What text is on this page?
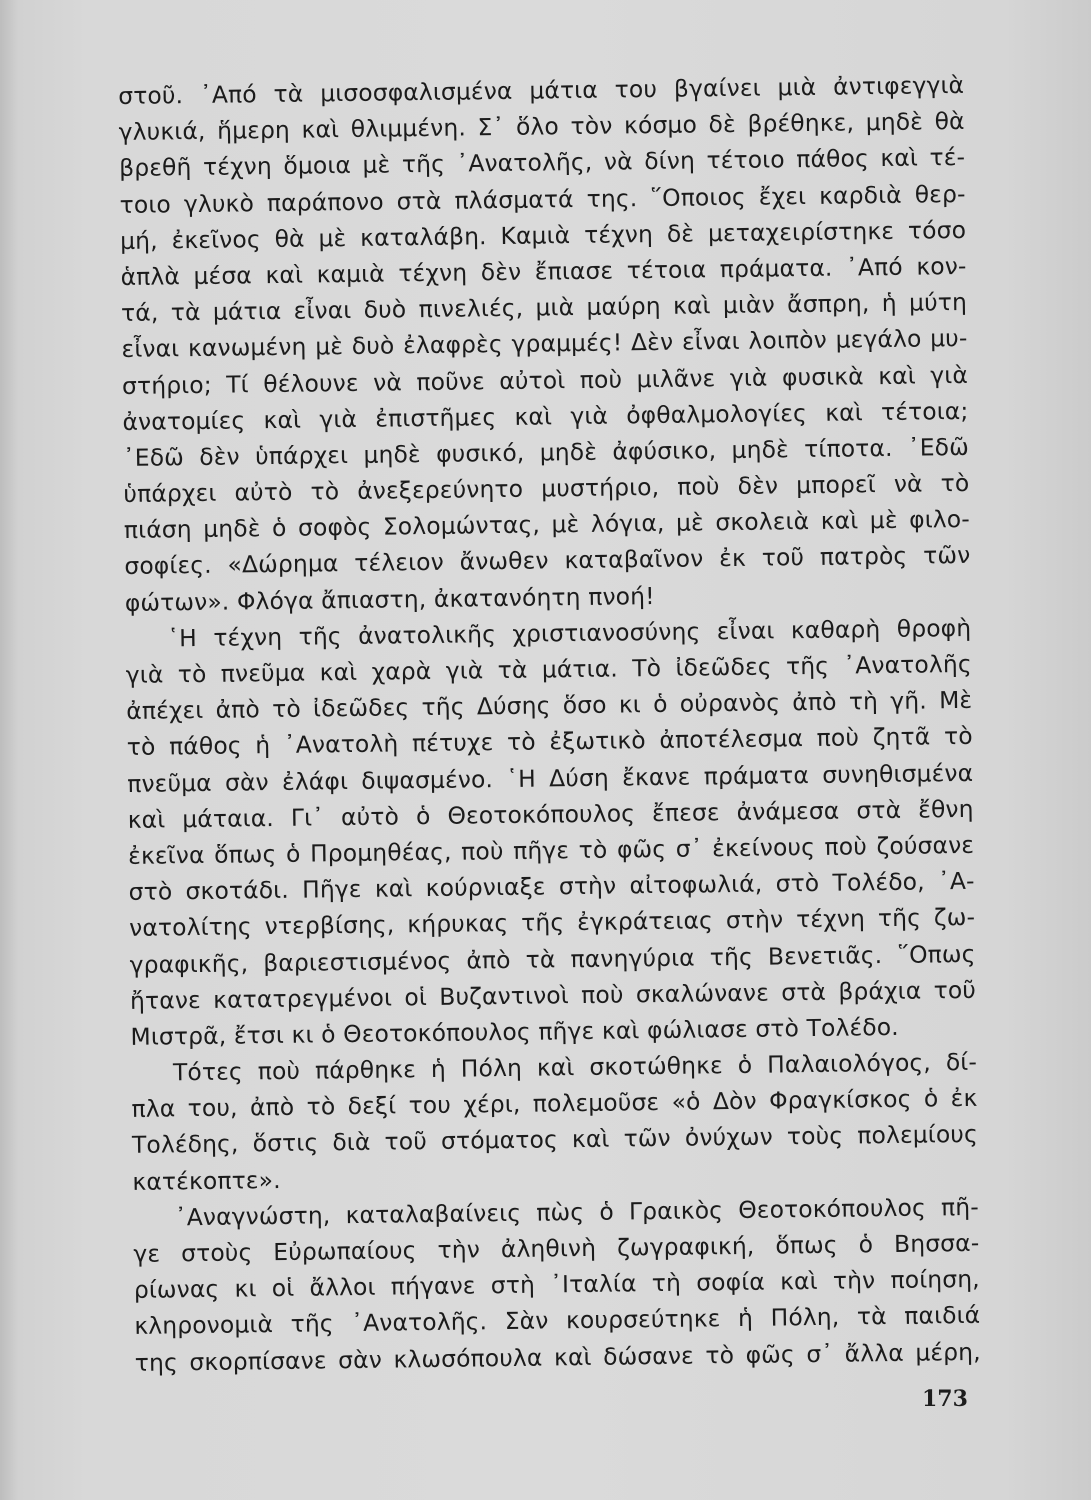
στοῦ. ᾿Από τὰ μισοσφαλισμένα μάτια του βγαίνει μιὰ ἀντιφεγγιὰ
γλυκιά, ἥμερη καὶ θλιμμένη. Σ᾿ ὅλο τὸν κόσμο δὲ βρέθηκε, μηδὲ θὰ
βρεθῆ τέχνη ὅμοια μὲ τῆς ᾿Ανατολῆς, νὰ δίνη τέτοιο πάθος καὶ τέ-
τοιο γλυκὸ παράπονο στὰ πλάσματά της. ῞Οποιος ἔχει καρδιὰ θερ-
μή, ἐκεῖνος θὰ μὲ καταλάβη. Καμιὰ τέχνη δὲ μεταχειρίστηκε τόσο
ἁπλὰ μέσα καὶ καμιὰ τέχνη δὲν ἔπιασε τέτοια πράματα. ᾿Από κον-
τά, τὰ μάτια εἶναι δυὸ πινελιές, μιὰ μαύρη καὶ μιὰν ἄσπρη, ἡ μύτη
εἶναι κανωμένη μὲ δυὸ ἐλαφρὲς γραμμές! Δὲν εἶναι λοιπὸν μεγάλο μυ-
στήριο; Τί θέλουνε νὰ ποῦνε αὐτοὶ ποὺ μιλᾶνε γιὰ φυσικὰ καὶ γιὰ
ἀνατομίες καὶ γιὰ ἐπιστῆμες καὶ γιὰ ὀφθαλμολογίες καὶ τέτοια;
᾿Εδῶ δὲν ὑπάρχει μηδὲ φυσικό, μηδὲ ἀφύσικο, μηδὲ τίποτα. ᾿Εδῶ
ὑπάρχει αὐτὸ τὸ ἀνεξερεύνητο μυστήριο, ποὺ δὲν μπορεῖ νὰ τὸ
πιάση μηδὲ ὁ σοφὸς Σολομώντας, μὲ λόγια, μὲ σκολειὰ καὶ μὲ φιλο-
σοφίες. «Δώρημα τέλειον ἄνωθεν καταβαῖνον ἐκ τοῦ πατρὸς τῶν
φώτων». Φλόγα ἄπιαστη, ἀκατανόητη πνοή!
῾Η τέχνη τῆς ἀνατολικῆς χριστιανοσύνης εἶναι καθαρὴ θροφὴ
γιὰ τὸ πνεῦμα καὶ χαρὰ γιὰ τὰ μάτια. Τὸ ἰδεῶδες τῆς ᾿Ανατολῆς
ἀπέχει ἀπὸ τὸ ἰδεῶδες τῆς Δύσης ὅσο κι ὁ οὐρανὸς ἀπὸ τὴ γῆ. Μὲ
τὸ πάθος ἡ ᾿Ανατολὴ πέτυχε τὸ ἐξωτικὸ ἀποτέλεσμα ποὺ ζητᾶ τὸ
πνεῦμα σὰν ἐλάφι διψασμένο. ῾Η Δύση ἔκανε πράματα συνηθισμένα
καὶ μάταια. Γι᾿ αὐτὸ ὁ Θεοτοκόπουλος ἔπεσε ἀνάμεσα στὰ ἔθνη
ἐκεῖνα ὅπως ὁ Προμηθέας, ποὺ πῆγε τὸ φῶς σ᾿ ἐκείνους ποὺ ζούσανε
στὸ σκοτάδι. Πῆγε καὶ κούρνιαξε στὴν αἰτοφωλιά, στὸ Τολέδο, ᾿Α-
νατολίτης ντερβίσης, κήρυκας τῆς ἐγκράτειας στὴν τέχνη τῆς ζω-
γραφικῆς, βαριεστισμένος ἀπὸ τὰ πανηγύρια τῆς Βενετιᾶς. ῞Οπως
ἤτανε κατατρεγμένοι οἱ Βυζαντινοὶ ποὺ σκαλώνανε στὰ βράχια τοῦ
Μιστρᾶ, ἔτσι κι ὁ Θεοτοκόπουλος πῆγε καὶ φώλιασε στὸ Τολέδο.
Τότες ποὺ πάρθηκε ἡ Πόλη καὶ σκοτώθηκε ὁ Παλαιολόγος, δί-
πλα του, ἀπὸ τὸ δεξί του χέρι, πολεμοῦσε «ὁ Δὸν Φραγκίσκος ὁ ἐκ
Τολέδης, ὅστις διὰ τοῦ στόματος καὶ τῶν ὀνύχων τοὺς πολεμίους
κατέκοπτε».
᾿Αναγνώστη, καταλαβαίνεις πὼς ὁ Γραικὸς Θεοτοκόπουλος πῆ-
γε στοὺς Εὐρωπαίους τὴν ἀληθινὴ ζωγραφική, ὅπως ὁ Βησσα-
ρίωνας κι οἱ ἄλλοι πήγανε στὴ ᾿Ιταλία τὴ σοφία καὶ τὴν ποίηση,
κληρονομιὰ τῆς ᾿Ανατολῆς. Σὰν κουρσεύτηκε ἡ Πόλη, τὰ παιδιά
της σκορπίσανε σὰν κλωσόπουλα καὶ δώσανε τὸ φῶς σ᾿ ἄλλα μέρη,
173
